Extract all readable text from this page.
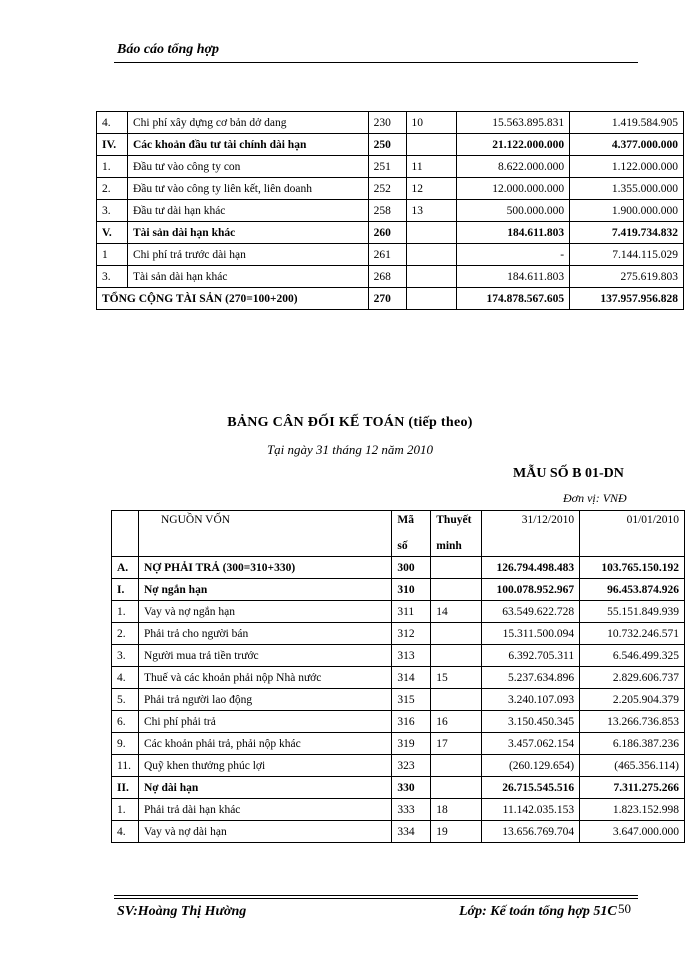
Báo cáo tổng hợp
4.	Chi phí xây dựng cơ bản dở dang	230	10	15.563.895.831	1.419.584.905
IV.	Các khoản đầu tư tài chính dài hạn	250		21.122.000.000	4.377.000.000
1.	Đầu tư vào công ty con	251	11	8.622.000.000	1.122.000.000
2.	Đầu tư vào công ty liên kết, liên doanh	252	12	12.000.000.000	1.355.000.000
3.	Đầu tư dài hạn khác	258	13	500.000.000	1.900.000.000
V.	Tài sản dài hạn khác	260		184.611.803	7.419.734.832
1	Chi phí trả trước dài hạn	261		-	7.144.115.029
3.	Tài sản dài hạn khác	268		184.611.803	275.619.803
TỔNG CỘNG TÀI SẢN (270=100+200)		270		174.878.567.605	137.957.956.828
BẢNG CÂN ĐỐI KẾ TOÁN (tiếp theo)
Tại ngày 31 tháng 12 năm 2010
MẪU SỐ B 01-DN
Đơn vị: VNĐ
	NGUỒN VỐN	Mã	Thuyết	31/12/2010	01/01/2010
		số	minh		
A.	NỢ PHẢI TRẢ (300=310+330)	300		126.794.498.483	103.765.150.192
I.	Nợ ngắn hạn	310		100.078.952.967	96.453.874.926
1.	Vay và nợ ngắn hạn	311	14	63.549.622.728	55.151.849.939
2.	Phải trả cho người bán	312		15.311.500.094	10.732.246.571
3.	Người mua trả tiền trước	313		6.392.705.311	6.546.499.325
4.	Thuế và các khoản phải nộp Nhà nước	314	15	5.237.634.896	2.829.606.737
5.	Phải trả người lao động	315		3.240.107.093	2.205.904.379
6.	Chi phí phải trả	316	16	3.150.450.345	13.266.736.853
9.	Các khoản phải trả, phải nộp khác	319	17	3.457.062.154	6.186.387.236
11.	Quỹ khen thưởng phúc lợi	323		(260.129.654)	(465.356.114)
II.	Nợ dài hạn	330		26.715.545.516	7.311.275.266
1.	Phải trả dài hạn khác	333	18	11.142.035.153	1.823.152.998
4.	Vay và nợ dài hạn	334	19	13.656.769.704	3.647.000.000
SV:Hoàng Thị Hường	Lớp: Kế toán tổng hợp 51C 50
